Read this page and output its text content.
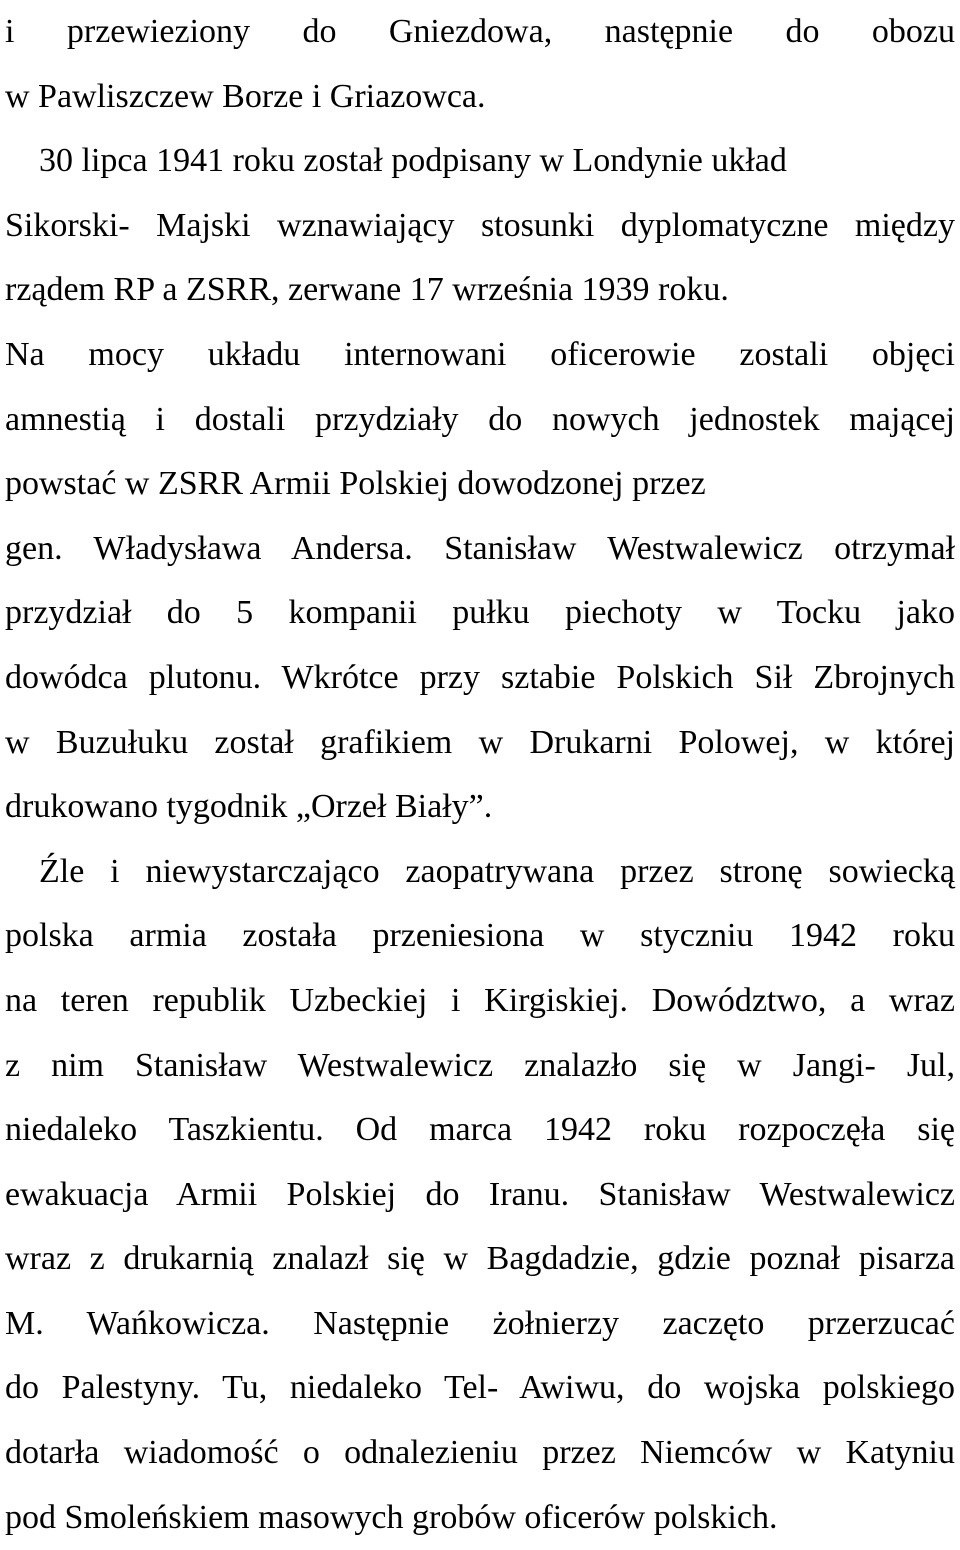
i przewieziony do Gniezdowa, następnie do obozu
w Pawliszczew Borze i Griazowca.
30 lipca 1941 roku został podpisany w Londynie układ
Sikorski- Majski wznawiający stosunki dyplomatyczne między
rządem RP a ZSRR, zerwane 17 września 1939 roku.
Na mocy układu internowani oficerowie zostali objęci
amnestią i dostali przydziały do nowych jednostek mającej
powstać w ZSRR Armii Polskiej dowodzonej przez
gen. Władysława Andersa. Stanisław Westwalewicz otrzymał
przydział do 5 kompanii pułku piechoty w Tocku jako
dowódca plutonu. Wkrótce przy sztabie Polskich Sił Zbrojnych
w Buzułuku został grafikiem w Drukarni Polowej, w której
drukowano tygodnik „Orzeł Biały”.
Źle i niewystarczająco zaopatrywana przez stronę sowiecką
polska armia została przeniesiona w styczniu 1942 roku
na teren republik Uzbeckiej i Kirgiskiej. Dowództwo, a wraz
z nim Stanisław Westwalewicz znalazło się w Jangi- Jul,
niedaleko Taszkientu. Od marca 1942 roku rozpoczęła się
ewakuacja Armii Polskiej do Iranu. Stanisław Westwalewicz
wraz z drukarnią znalazł się w Bagdadzie, gdzie poznał pisarza
M. Wańkowicza. Następnie żołnierzy zaczęto przerzucać
do Palestyny. Tu, niedaleko Tel- Awiwu, do wojska polskiego
dotarła wiadomość o odnalezieniu przez Niemców w Katyniu
pod Smoleńskiem masowych grobów oficerów polskich.
